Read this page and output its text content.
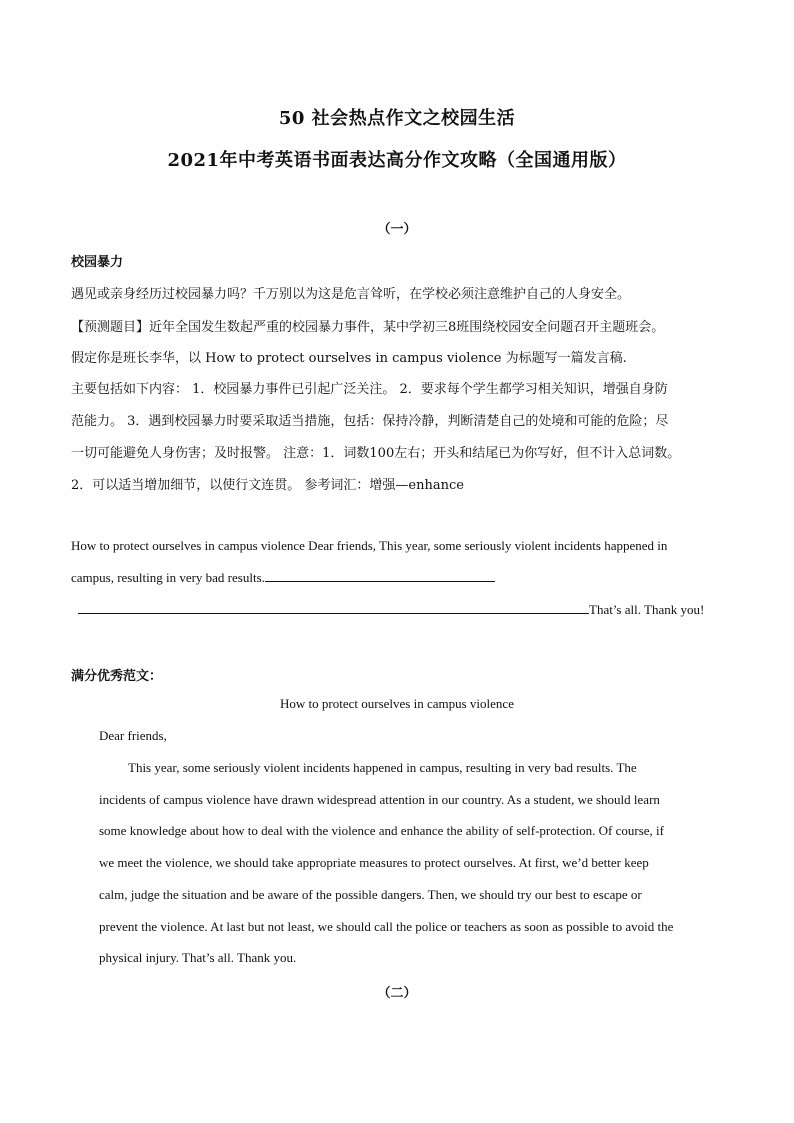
50 社会热点作文之校园生活
2021年中考英语书面表达高分作文攻略（全国通用版）
（一）
校园暴力
遇见或亲身经历过校园暴力吗？千万别以为这是危言耸听，在学校必须注意维护自己的人身安全。
【预测题目】近年全国发生数起严重的校园暴力事件，某中学初三8班围绕校园安全问题召开主题班会。
假定你是班长李华，以 How to protect ourselves in campus violence 为标题写一篇发言稿.
主要包括如下内容： 1．校园暴力事件已引起广泛关注。 2．要求每个学生都学习相关知识，增强自身防
范能力。 3．遇到校园暴力时要采取适当措施，包括：保持冷静，判断清楚自己的处境和可能的危险；尽
一切可能避免人身伤害；及时报警。 注意：1．词数100左右；开头和结尾已为你写好，但不计入总词数。
2．可以适当增加细节，以使行文连贯。 参考词汇：增强—enhance
How to protect ourselves in campus violence Dear friends, This year, some seriously violent incidents happened in
campus, resulting in very bad results.
That’s all. Thank you!
满分优秀范文：
How to protect ourselves in campus violence
Dear friends,
This year, some seriously violent incidents happened in campus, resulting in very bad results. The
incidents of campus violence have drawn widespread attention in our country. As a student, we should learn
some knowledge about how to deal with the violence and enhance the ability of self-protection. Of course, if
we meet the violence, we should take appropriate measures to protect ourselves. At first, we’d better keep
calm, judge the situation and be aware of the possible dangers. Then, we should try our best to escape or
prevent the violence. At last but not least, we should call the police or teachers as soon as possible to avoid the
physical injury. That’s all. Thank you.
（二）
